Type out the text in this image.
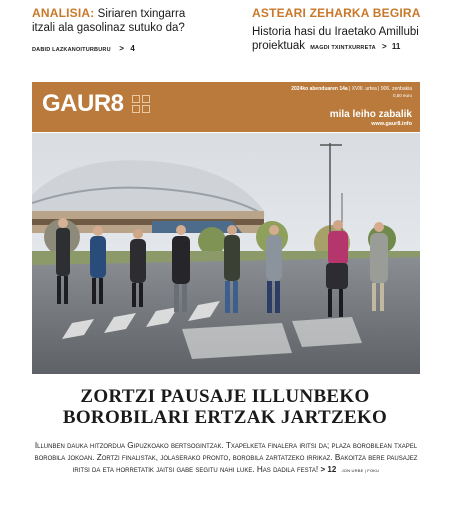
ANALISIA: Siriaren txingarra
itzali ala gasolinaz sutuko da?
DABID LAZKANOITURBURU > 4
ASTEARI ZEHARKA BEGIRA
Historia hasi du Iraetako Amillubi
proiektuak MAGDI TXINTXURRETA > 11
GAUR8
2024ko abenduaren 14a | XVIII. urtea | 906. zenbakia
0,50 euro
mila leiho zabalik
www.gaur8.info
ZORTZI PAUSAJE ILLUNBEKO
BOROBILARI ERTZAK JARTZEKO
Illunben dauka hitzordua Gipuzkoako bertsogintzak. Txapelketa finalera iritsi da; plaza borobilean txapel borobila jokoan. Zortzi finalistak, jolaserako pronto, borobila zartatzeko irrikaz. Bakoitza bere pausajez iritsi da eta horretatik jaitsi gabe segitu nahi luke. Has dadila festa! > 12 JON URBE | FOKU
